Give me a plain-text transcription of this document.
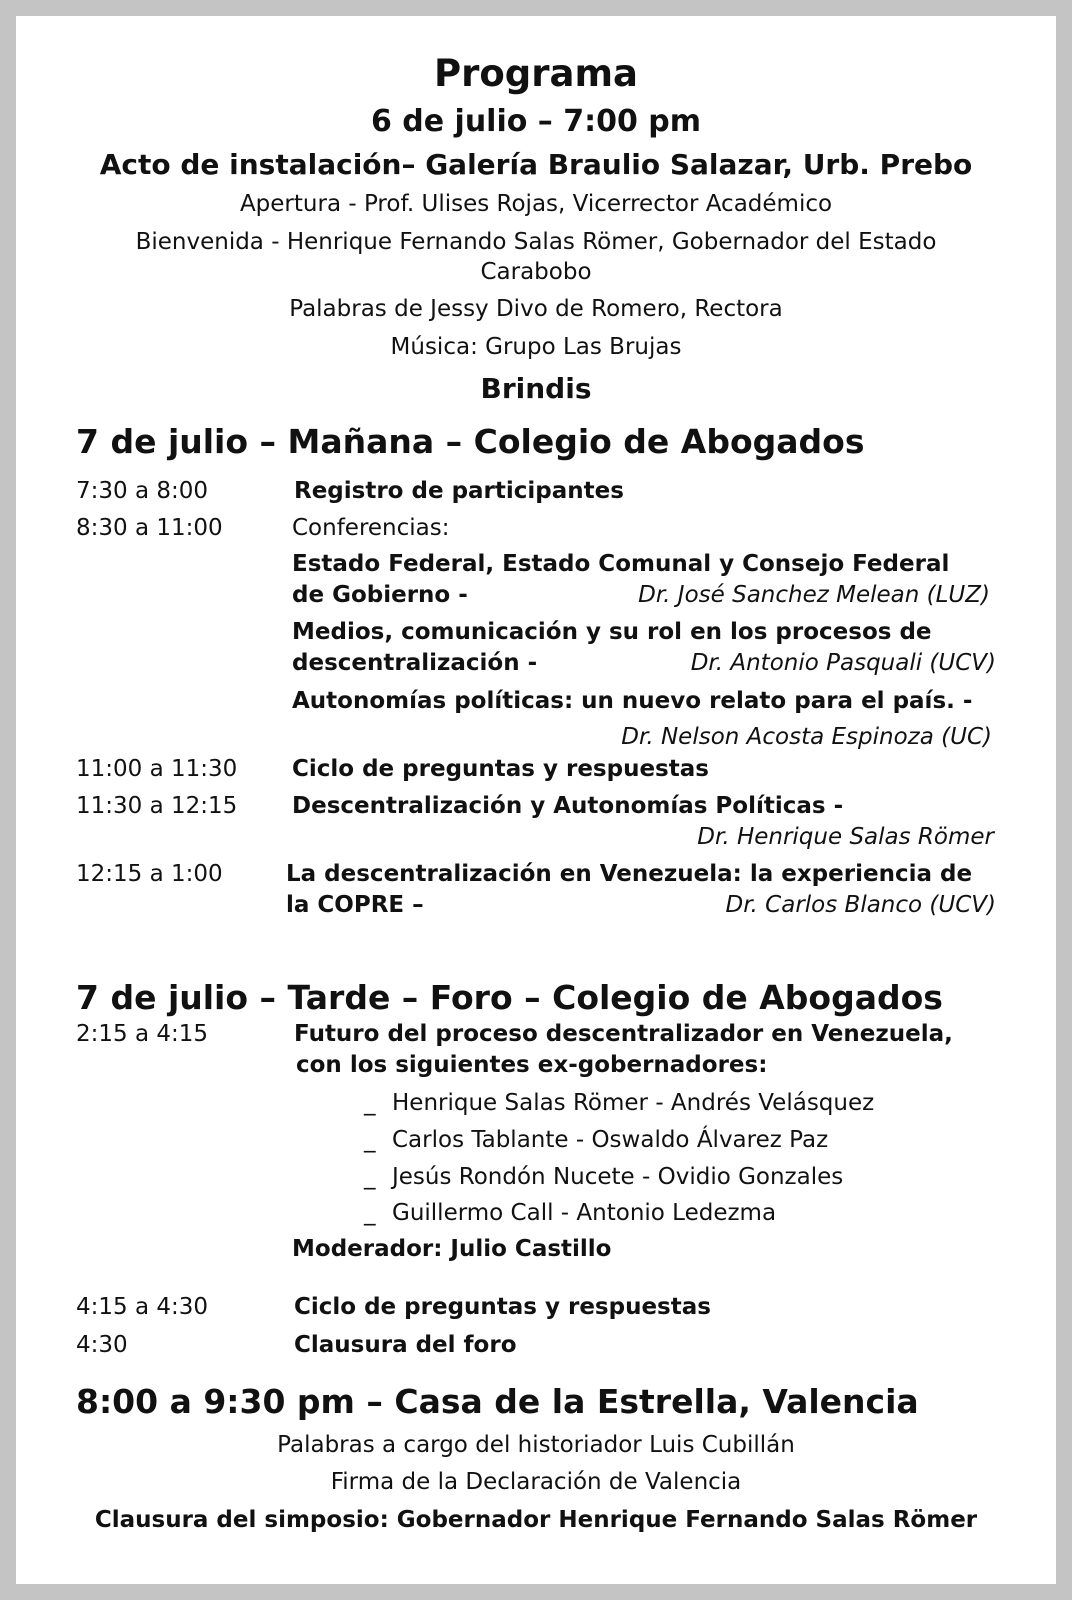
Programa
6 de julio – 7:00 pm
Acto de instalación– Galería Braulio Salazar, Urb. Prebo
Apertura - Prof. Ulises Rojas, Vicerrector Académico
Bienvenida - Henrique Fernando Salas Römer, Gobernador del Estado
Carabobo
Palabras de Jessy Divo de Romero, Rectora
Música: Grupo Las Brujas
Brindis
7 de julio – Mañana – Colegio de Abogados
7:30 a 8:00	Registro de participantes
8:30 a 11:00	Conferencias:
Estado Federal, Estado Comunal y Consejo Federal
de Gobierno -	Dr. José Sanchez Melean (LUZ)
Medios, comunicación y su rol en los procesos de
descentralización -	Dr. Antonio Pasquali (UCV)
Autonomías políticas: un nuevo relato para el país. -
Dr. Nelson Acosta Espinoza (UC)
11:00 a 11:30 Ciclo de preguntas y respuestas
11:30 a 12:15 Descentralización y Autonomías Políticas -
Dr. Henrique Salas Römer
12:15 a 1:00	La descentralización en Venezuela: la experiencia de
la COPRE –	Dr. Carlos Blanco (UCV)
7 de julio – Tarde – Foro – Colegio de Abogados
2:15 a 4:15	Futuro del proceso descentralizador en Venezuela,
con los siguientes ex-gobernadores:
_ Henrique Salas Römer - Andrés Velásquez
_ Carlos Tablante - Oswaldo Álvarez Paz
_ Jesús Rondón Nucete - Ovidio Gonzales
_ Guillermo Call - Antonio Ledezma
Moderador: Julio Castillo
4:15 a 4:30	Ciclo de preguntas y respuestas
4:30	Clausura del foro
8:00 a 9:30 pm – Casa de la Estrella, Valencia
Palabras a cargo del historiador Luis Cubillán
Firma de la Declaración de Valencia
Clausura del simposio: Gobernador Henrique Fernando Salas Römer
